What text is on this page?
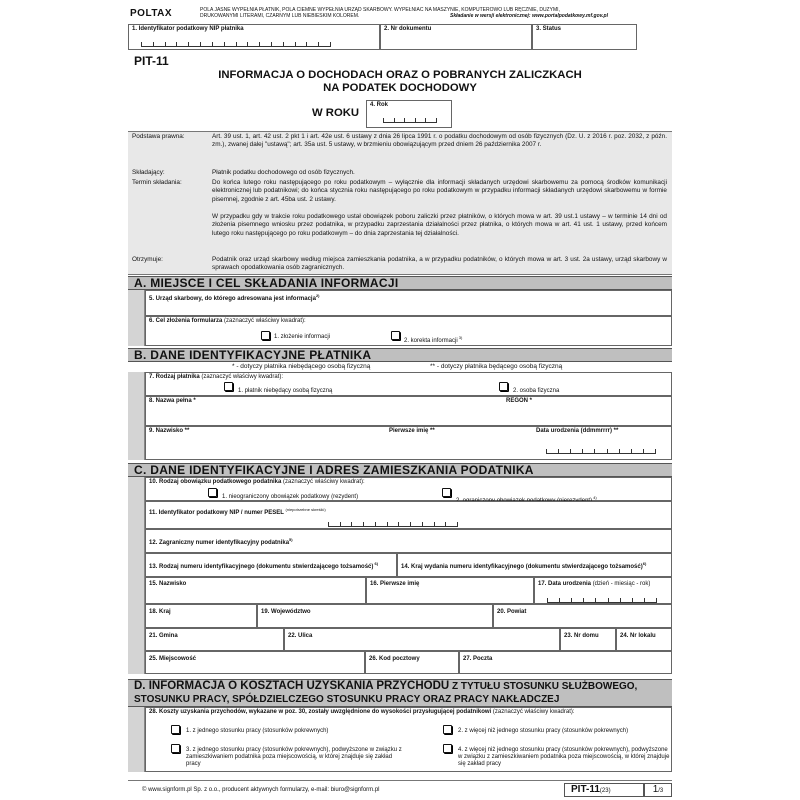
POLTAX	POLA JASNE WYPEŁNIA PŁATNIK, POLA CIEMNE WYPEŁNIA URZĄD SKARBOWY. WYPEŁNIAĆ NA MASZYNIE, KOMPUTEROWO LUB RĘCZNIE, DUŻYMI,
DRUKOWANYMI LITERAMI, CZARNYM LUB NIEBIESKIM KOLOREM.	Składanie w wersji elektronicznej: www.portalpodatkowy.mf.gov.pl
1. Identyfikator podatkowy NIP płatnika	2. Nr dokumentu	3. Status
PIT-11
INFORMACJA O DOCHODACH ORAZ O POBRANYCH ZALICZKACH
NA PODATEK DOCHODOWY
W ROKU
4. Rok
Podstawa prawna:	Art. 39 ust. 1, art. 42 ust. 2 pkt 1 i art. 42e ust. 6 ustawy z dnia 26 lipca 1991 r. o podatku dochodowym od osób fizycznych (Dz. U. z 2016 r. poz. 2032, z późn. zm.), zwanej dalej "ustawą"; art. 35a ust. 5 ustawy, w brzmieniu obowiązującym przed dniem 26 października 2007 r.
Składający:	Płatnik podatku dochodowego od osób fizycznych.
Termin składania:	Do końca lutego roku następującego po roku podatkowym – wyłącznie dla informacji składanych urzędowi skarbowemu za pomocą środków komunikacji elektronicznej lub podatnikowi; do końca stycznia roku następującego po roku podatkowym w przypadku informacji składanych urzędowi skarbowemu w formie pisemnej, zgodnie z art. 45ba ust. 2 ustawy.
W przypadku gdy w trakcie roku podatkowego ustał obowiązek poboru zaliczki przez płatników, o których mowa w art. 39 ust.1 ustawy – w terminie 14 dni od złożenia pisemnego wniosku przez podatnika, w przypadku zaprzestania działalności przez płatnika, o których mowa w art. 41 ust. 1 ustawy, przed końcem lutego roku następującego po roku podatkowym – do dnia zaprzestania tej działalności.
Otrzymuje:	Podatnik oraz urząd skarbowy według miejsca zamieszkania podatnika, a w przypadku podatników, o których mowa w art. 3 ust. 2a ustawy, urząd skarbowy w sprawach opodatkowania osób zagranicznych.
A. MIEJSCE I CEL SKŁADANIA INFORMACJI
5. Urząd skarbowy, do którego adresowana jest informacja$^{2)}$
6. Cel złożenia formularza (zaznaczyć właściwy kwadrat):
1. złożenie informacji
2. korekta informacji $^{3)}$
B. DANE IDENTYFIKACYJNE PŁATNIKA
* - dotyczy płatnika niebędącego osobą fizyczną	** - dotyczy płatnika będącego osobą fizyczną
7. Rodzaj płatnika (zaznaczyć właściwy kwadrat):
1. płatnik niebędący osobą fizyczną	2. osoba fizyczna
8. Nazwa pełna *	REGON *
9. Nazwisko **	Pierwsze imię **	Data urodzenia (ddmmrrrr) **
C. DANE IDENTYFIKACYJNE I ADRES ZAMIESZKANIA PODATNIKA
10. Rodzaj obowiązku podatkowego podatnika (zaznaczyć właściwy kwadrat):
1. nieograniczony obowiązek podatkowy (rezydent)	$^{4)}$
11. Identyfikator podatkowy NIP / numer PESEL $^{(niepotrzebne skreślić)}$
12. Zagraniczny numer identyfikacyjny podatnika$^{5)}$
13. Rodzaj numeru identyfikacyjnego (dokumentu stwierdzającego tożsamość) $^{6)}$
14. Kraj wydania numeru identyfikacyjnego (dokumentu stwierdzającego tożsamość)$^{6)}$
15. Nazwisko	16. Pierwsze imię	17. Data urodzenia (dzień - miesiąc - rok)
18. Kraj	19. Województwo	20. Powiat
21. Gmina	22. Ulica	23. Nr domu	24. Nr lokalu
25. Miejscowość	26. Kod pocztowy	27. Poczta
D. INFORMACJA O KOSZTACH UZYSKANIA PRZYCHODU Z TYTUŁU STOSUNKU SŁUŻBOWEGO,
STOSUNKU PRACY, SPÓŁDZIELCZEGO STOSUNKU PRACY ORAZ PRACY NAKŁADCZEJ
28. Koszty uzyskania przychodów, wykazane w poz. 30, zostały uwzględnione do wysokości przysługującej podatnikowi (zaznaczyć właściwy kwadrat):
1. z jednego stosunku pracy (stosunków pokrewnych)	2. z więcej niż jednego stosunku pracy (stosunków pokrewnych)
3. z jednego stosunku pracy (stosunków pokrewnych), podwyższone w związku z zamieszkiwaniem podatnika poza miejscowością, w której znajduje się zakład pracy
4. z więcej niż jednego stosunku pracy (stosunków pokrewnych), podwyższone w związku z zamieszkiwaniem podatnika poza miejscowością, w której znajduje się zakład pracy
© www.signform.pl Sp. z o.o., producent aktywnych formularzy, e-mail: biuro@signform.pl	PIT-11(23)	1/3
